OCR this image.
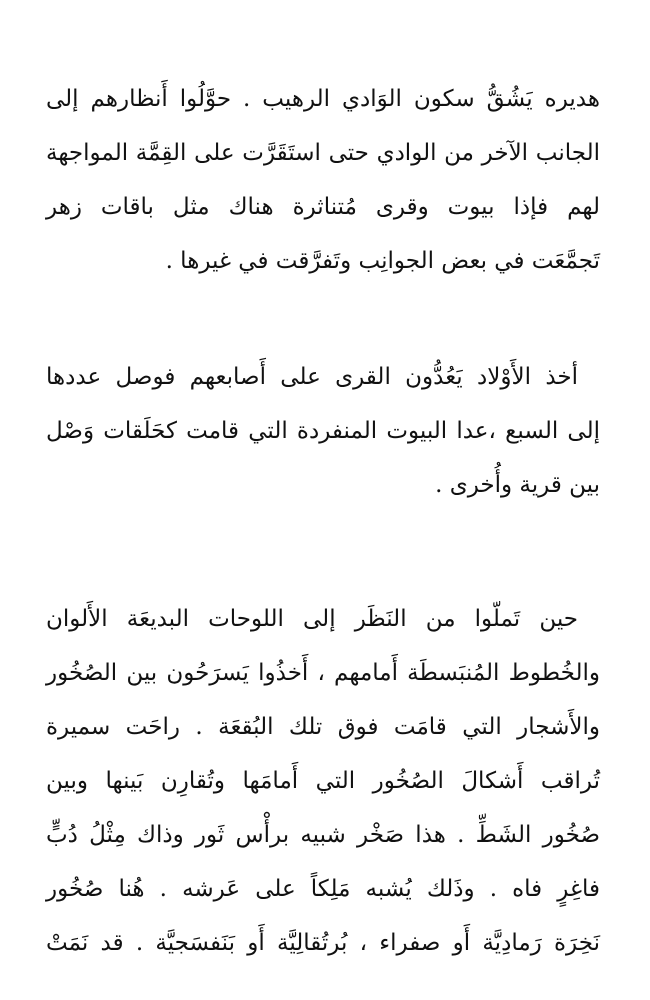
هديره يَشُقُّ سكون الوَادي الرهيب . حوَّلُوا أَنظارهم إلى
الجانب الآخر من الوادي حتى استَقَرَّت على القِمَّة المواجهة
لهم فإذا بيوت وقرى مُتناثرة هناك مثل باقات زهر
تَجمَّعَت في بعض الجوانِب وتَفرَّقت في غيرها .
أخذ الأَوْلاد يَعُدُّون القرى على أَصابعهم فوصل عددها
إلى السبع ،عدا البيوت المنفردة التي قامت كحَلَقات وَصْل
بين قرية وأُخرى .
حين تَملّوا من النَظَر إلى اللوحات البديعَة الأَلوان
والخُطوط المُنبَسطَة أَمامهم ، أَخذُوا يَسرَحُون بين الصُخُور
والأَشجار التي قامَت فوق تلك البُقعَة . راحَت سميرة
تُراقب أَشكالَ الصُخُور التي أَمامَها وتُقارِن بَينها وبين
صُخُور الشَطِّ . هذا صَخْر شبيه برأْس ثَور وذاك مِثْلُ دُبٍّ
فاغِرٍ فاه . وذَلك يُشبه مَلِكاً على عَرشه . هُنا صُخُور
نَخِرَة رَمادِيَّة أَو صفراء ، بُرتُقالِيَّة أَو بَنَفسَجيَّة . قد نَمَتْ
